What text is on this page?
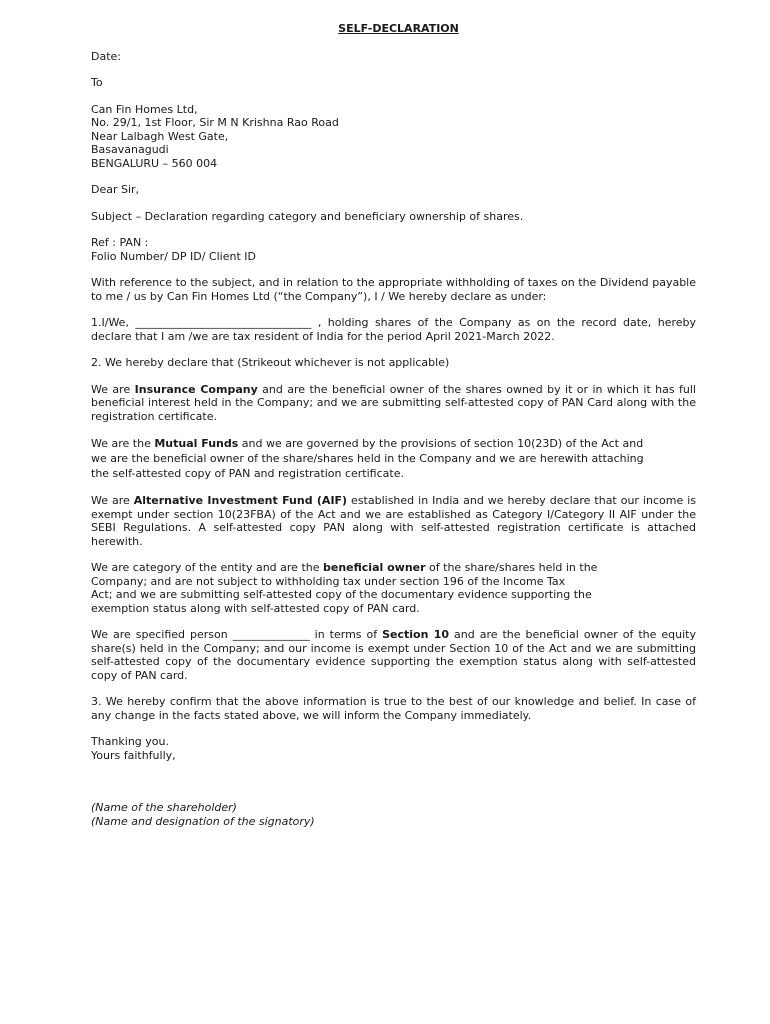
SELF-DECLARATION

Date:

To

Can Fin Homes Ltd,
No. 29/1, 1st Floor, Sir M N Krishna Rao Road
Near Lalbagh West Gate,
Basavanagudi
BENGALURU – 560 004

Dear Sir,

Subject – Declaration regarding category and beneficiary ownership of shares.

Ref : PAN :
Folio Number/ DP ID/ Client ID

With reference to the subject, and in relation to the appropriate withholding of taxes on the Dividend payable to me / us by Can Fin Homes Ltd (“the Company”), I / We hereby declare as under:

1.I/We, ________________________________ , holding shares of the Company as on the record date, hereby declare that I am /we are tax resident of India for the period April 2021-March 2022.

2. We hereby declare that (Strikeout whichever is not applicable)

We are Insurance Company and are the beneficial owner of the shares owned by it or in which it has full beneficial interest held in the Company; and we are submitting self-attested copy of PAN Card along with the registration certificate.

We are the Mutual Funds and we are governed by the provisions of section 10(23D) of the Act and
we are the beneficial owner of the share/shares held in the Company and we are herewith attaching
the self-attested copy of PAN and registration certificate.

We are Alternative Investment Fund (AIF) established in India and we hereby declare that our income is exempt under section 10(23FBA) of the Act and we are established as Category I/Category II AIF under the SEBI Regulations. A self-attested copy PAN along with self-attested registration certificate is attached herewith.

We are category of the entity and are the beneficial owner of the share/shares held in the
Company; and are not subject to withholding tax under section 196 of the Income Tax
Act; and we are submitting self-attested copy of the documentary evidence supporting the
exemption status along with self-attested copy of PAN card.

We are specified person ______________ in terms of Section 10 and are the beneficial owner of the equity share(s) held in the Company; and our income is exempt under Section 10 of the Act and we are submitting self-attested copy of the documentary evidence supporting the exemption status along with self-attested copy of PAN card.

3. We hereby confirm that the above information is true to the best of our knowledge and belief. In case of any change in the facts stated above, we will inform the Company immediately.

Thanking you.
Yours faithfully,

(Name of the shareholder)
(Name and designation of the signatory)
